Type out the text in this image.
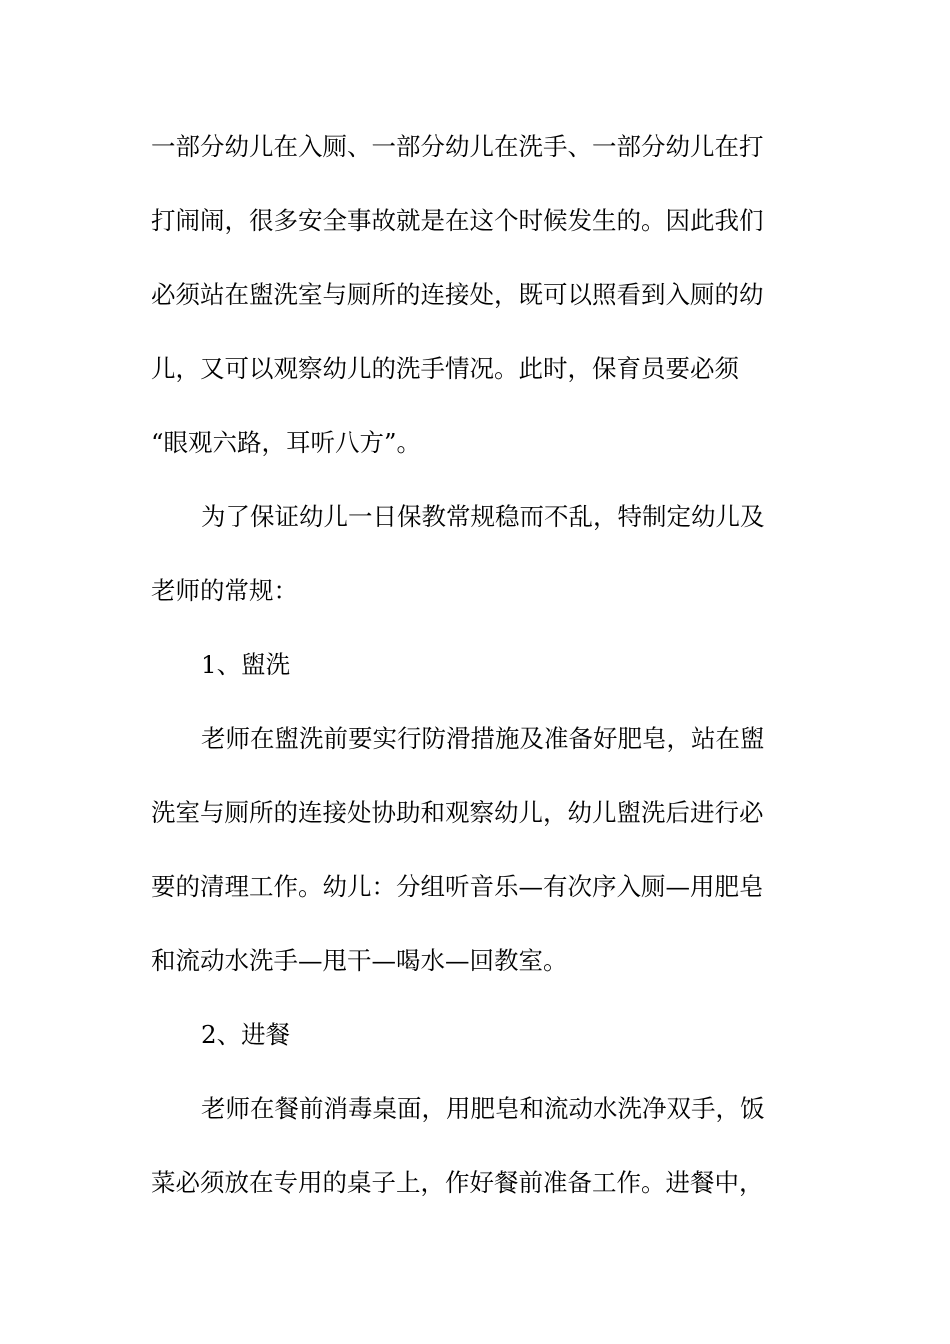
一部分幼儿在入厕、一部分幼儿在洗手、一部分幼儿在打
打闹闹，很多安全事故就是在这个时候发生的。因此我们
必须站在盥洗室与厕所的连接处，既可以照看到入厕的幼
儿，又可以观察幼儿的洗手情况。此时，保育员要必须
“眼观六路，耳听八方”。
为了保证幼儿一日保教常规稳而不乱，特制定幼儿及
老师的常规：
1、盥洗
老师在盥洗前要实行防滑措施及准备好肥皂，站在盥
洗室与厕所的连接处协助和观察幼儿，幼儿盥洗后进行必
要的清理工作。幼儿：分组听音乐—有次序入厕—用肥皂
和流动水洗手—甩干—喝水—回教室。
2、进餐
老师在餐前消毒桌面，用肥皂和流动水洗净双手，饭
菜必须放在专用的桌子上，作好餐前准备工作。进餐中，
